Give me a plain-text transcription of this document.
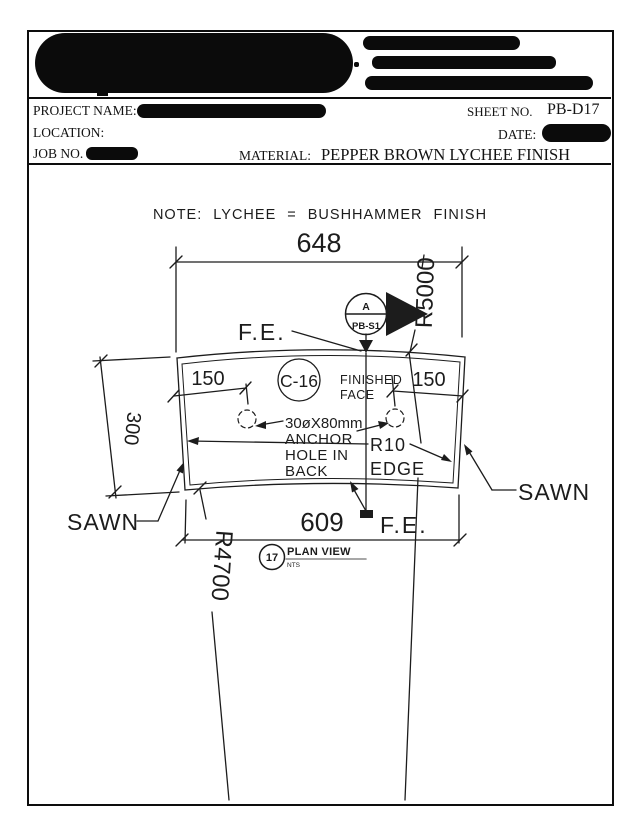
PROJECT NAME:	SHEET NO. PB-D17
LOCATION:	DATE:
JOB NO.	MATERIAL: PEPPER BROWN LYCHEE FINISH
NOTE: LYCHEE = BUSHHAMMER FINISH
648
R5000
R4700
300
150	150
A
PB-S1
F.E.
C-16 FINISHED
FACE
30øX80mm
ANCHOR
HOLE IN
BACK
R10
EDGE
SAWN
SAWN
609 F.E.
17 PLAN VIEW
NTS
